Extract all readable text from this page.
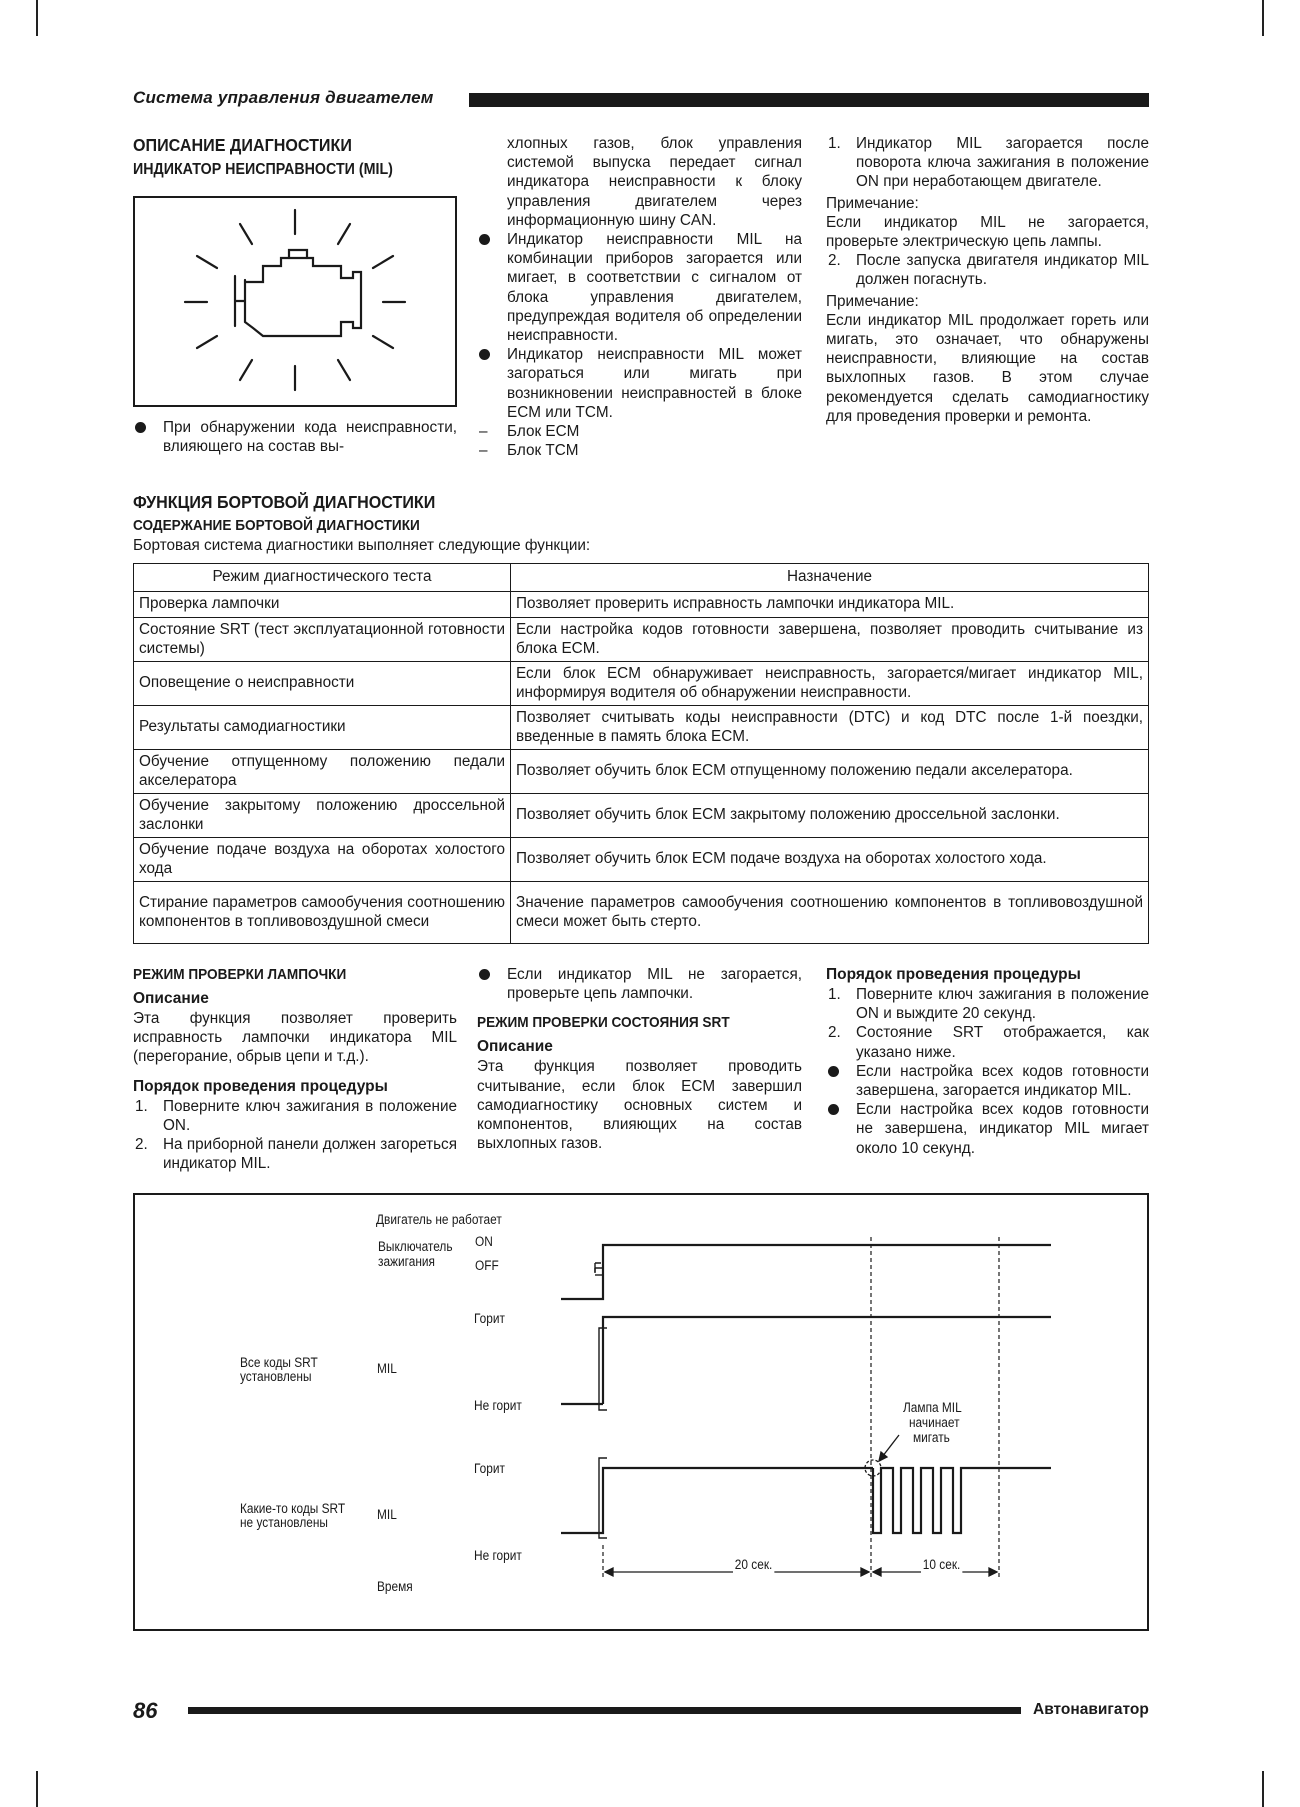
Система управления двигателем
ОПИСАНИЕ ДИАГНОСТИКИ
ИНДИКАТОР НЕИСПРАВНОСТИ (MIL)
При обнаружении кода неисправности, влияющего на состав вы-

хлопных газов, блок управления системой выпуска передает сигнал индикатора неисправности к блоку управления двигателем через информационную шину CAN.

Индикатор неисправности MIL на комбинации приборов загорается или мигает, в соответствии с сигналом от блока управления двигателем, предупреждая водителя об определении неисправности.
Индикатор неисправности MIL может загораться или мигать при возникновении неисправностей в блоке ECM или TCM.
– Блок ECM
– Блок TCM
1. Индикатор MIL загорается после поворота ключа зажигания в положение ON при неработающем двигателе.
Примечание:

Если индикатор MIL не загорается, проверьте электрическую цепь лампы.

2. После запуска двигателя индикатор MIL должен погаснуть.
Примечание:

Если индикатор MIL продолжает гореть или мигать, это означает, что обнаружены неисправности, влияющие на состав выхлопных газов. В этом случае рекомендуется сделать самодиагностику для проведения проверки и ремонта.

ФУНКЦИЯ БОРТОВОЙ ДИАГНОСТИКИ
СОДЕРЖАНИЕ БОРТОВОЙ ДИАГНОСТИКИ
Бортовая система диагностики выполняет следующие функции:
Режим диагностического теста	Назначение
Проверка лампочки	Позволяет проверить исправность лампочки индикатора MIL.
Состояние SRT (тест эксплуатационной готовности системы)	Если настройка кодов готовности завершена, позволяет проводить считывание из блока ECM.
Оповещение о неисправности	Если блок ECM обнаруживает неисправность, загорается/мигает индикатор MIL, информируя водителя об обнаружении неисправности.
Результаты самодиагностики	Позволяет считывать коды неисправности (DTC) и код DTC после 1-й поездки, введенные в память блока ECM.
Обучение отпущенному положению педали акселератора	Позволяет обучить блок ECM отпущенному положению педали акселератора.
Обучение закрытому положению дроссельной заслонки	Позволяет обучить блок ECM закрытому положению дроссельной заслонки.
Обучение подаче воздуха на оборотах холостого хода	Позволяет обучить блок ECM подаче воздуха на оборотах холостого хода.
Стирание параметров самообучения соотношению компонентов в топливовоздушной смеси	Значение параметров самообучения соотношению компонентов в топливовоздушной смеси может быть стерто.
РЕЖИМ ПРОВЕРКИ ЛАМПОЧКИ
Описание

Эта функция позволяет проверить исправность лампочки индикатора MIL (перегорание, обрыв цепи и т.д.).

Порядок проведения процедуры
1. Поверните ключ зажигания в положение ON.
2. На приборной панели должен загореться индикатор MIL.
Если индикатор MIL не загорается, проверьте цепь лампочки.
РЕЖИМ ПРОВЕРКИ СОСТОЯНИЯ SRT
Описание

Эта функция позволяет проводить считывание, если блок ECM завершил самодиагностику основных систем и компонентов, влияющих на состав выхлопных газов.

Порядок проведения процедуры
1. Поверните ключ зажигания в положение ON и выждите 20 секунд.
2. Состояние SRT отображается, как указано ниже.
Если настройка всех кодов готовности завершена, загорается индикатор MIL.
Если настройка всех кодов готовности не завершена, индикатор MIL мигает около 10 секунд.
Двигатель не работает
Выключатель
зажигания
ON
OFF
Горит
Все коды SRT
установлены
MIL
Не горит	Лампа MIL
начинает
мигать
Горит
Какие-то коды SRT
не установлены
MIL
Не горит
Время
20 сек.	10 сек.
86	Автонавигатор
